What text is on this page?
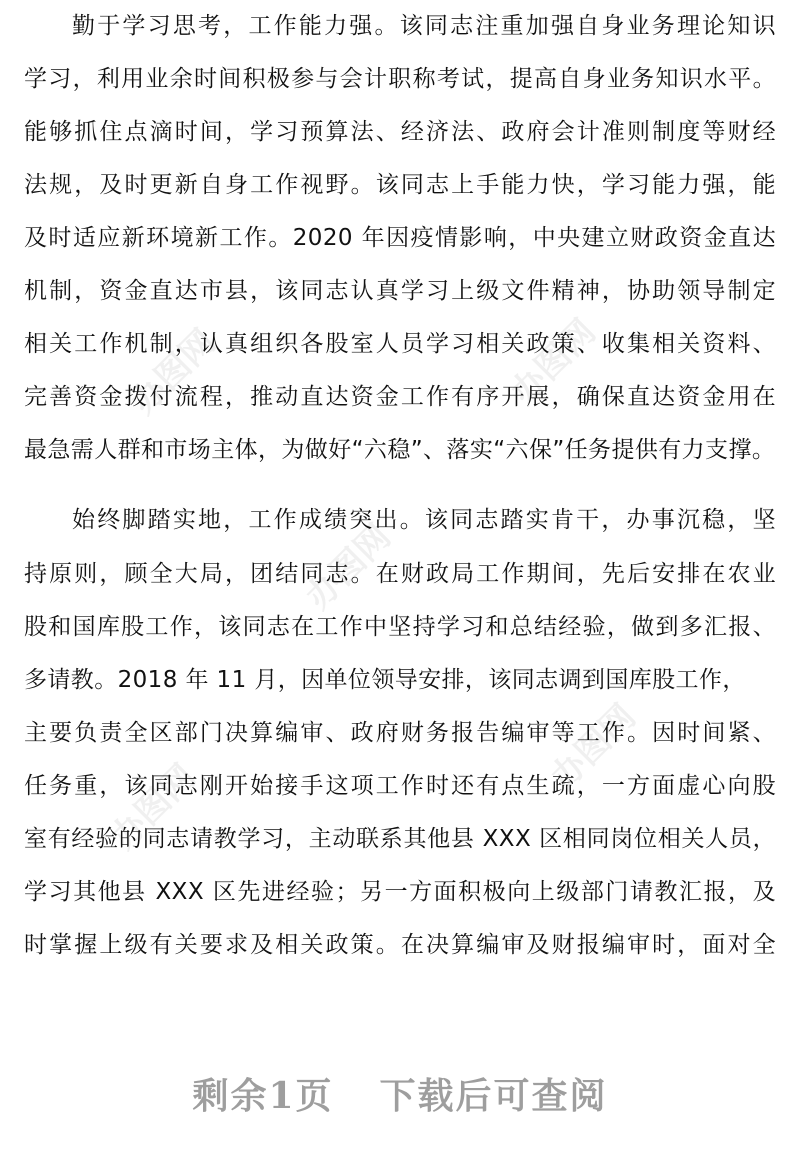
办图网
办图网
办图网
办图网
办图网
勤于学习思考，工作能力强。该同志注重加强自身业务理论知识
学习，利用业余时间积极参与会计职称考试，提高自身业务知识水平。
能够抓住点滴时间，学习预算法、经济法、政府会计准则制度等财经
法规，及时更新自身工作视野。该同志上手能力快，学习能力强，能
及时适应新环境新工作。2020 年因疫情影响，中央建立财政资金直达
机制，资金直达市县，该同志认真学习上级文件精神，协助领导制定
相关工作机制，认真组织各股室人员学习相关政策、收集相关资料、
完善资金拨付流程，推动直达资金工作有序开展，确保直达资金用在
最急需人群和市场主体，为做好“六稳”、落实“六保”任务提供有力支撑。
始终脚踏实地，工作成绩突出。该同志踏实肯干，办事沉稳，坚
持原则，顾全大局，团结同志。在财政局工作期间，先后安排在农业
股和国库股工作，该同志在工作中坚持学习和总结经验，做到多汇报、
多请教。2018 年 11 月，因单位领导安排，该同志调到国库股工作，
主要负责全区部门决算编审、政府财务报告编审等工作。因时间紧、
任务重，该同志刚开始接手这项工作时还有点生疏，一方面虚心向股
室有经验的同志请教学习，主动联系其他县 XXX 区相同岗位相关人员，
学习其他县 XXX 区先进经验；另一方面积极向上级部门请教汇报，及
时掌握上级有关要求及相关政策。在决算编审及财报编审时，面对全
剩余1页 下载后可查阅
